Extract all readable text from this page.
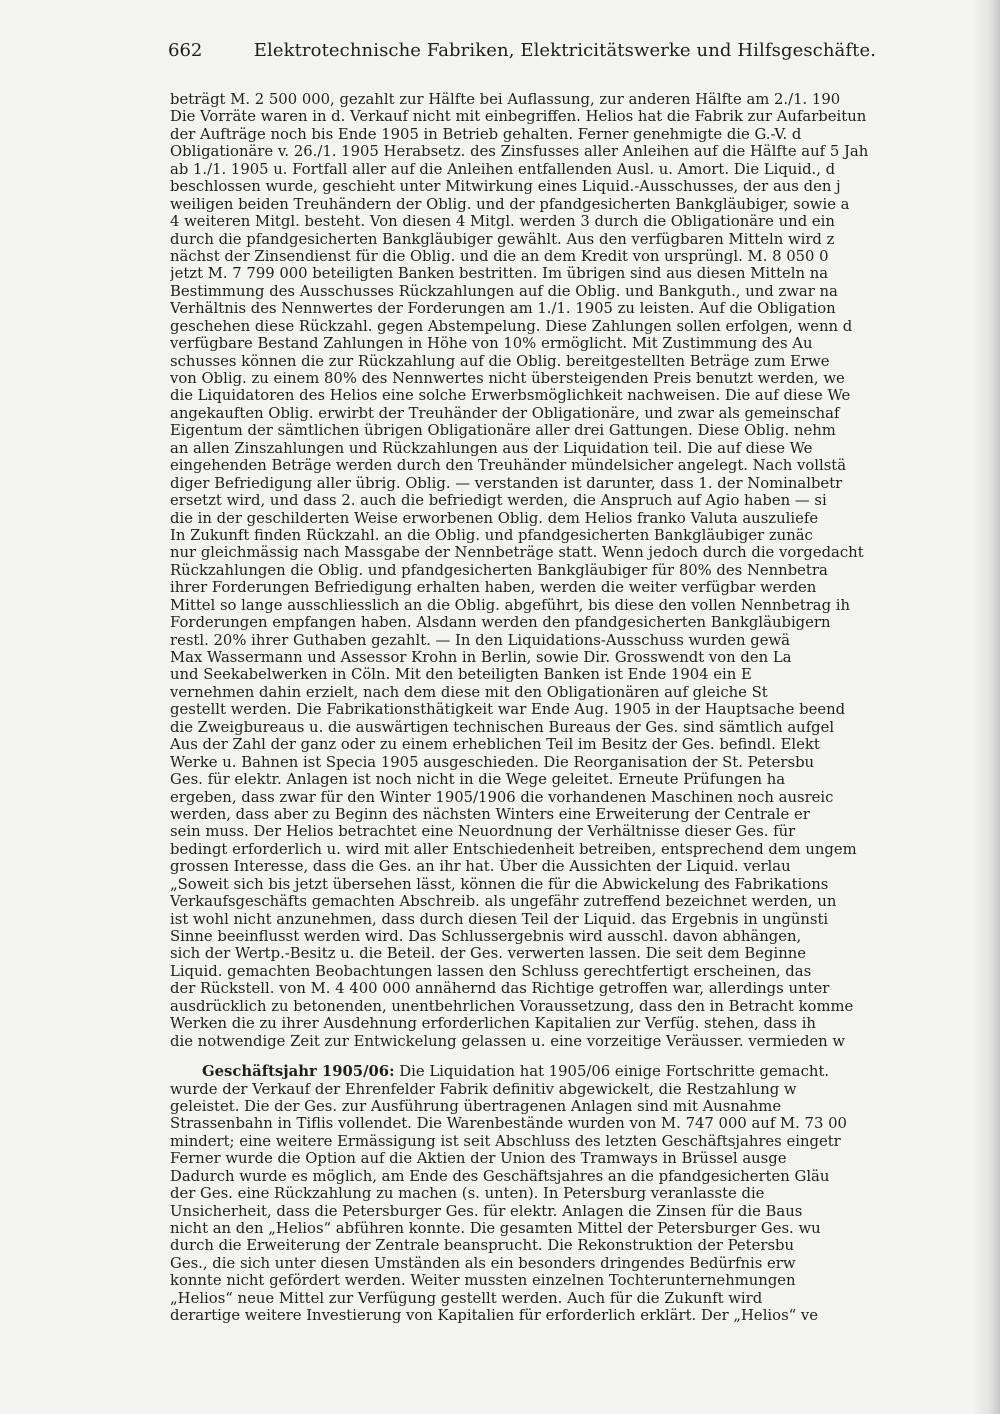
662	Elektrotechnische Fabriken, Elektricitätswerke und Hilfsgeschäfte.
beträgt M. 2 500 000, gezahlt zur Hälfte bei Auflassung, zur anderen Hälfte am 2./1. 190
Die Vorräte waren in d. Verkauf nicht mit einbegriffen. Helios hat die Fabrik zur Aufarbeitun
der Aufträge noch bis Ende 1905 in Betrieb gehalten. Ferner genehmigte die G.-V. d
Obligationäre v. 26./1. 1905 Herabsetz. des Zinsfusses aller Anleihen auf die Hälfte auf 5 Jah
ab 1./1. 1905 u. Fortfall aller auf die Anleihen entfallenden Ausl. u. Amort. Die Liquid., d
beschlossen wurde, geschieht unter Mitwirkung eines Liquid.-Ausschusses, der aus den j
weiligen beiden Treuhändern der Oblig. und der pfandgesicherten Bankgläubiger, sowie a
4 weiteren Mitgl. besteht. Von diesen 4 Mitgl. werden 3 durch die Obligationäre und ein
durch die pfandgesicherten Bankgläubiger gewählt. Aus den verfügbaren Mitteln wird z
nächst der Zinsendienst für die Oblig. und die an dem Kredit von ursprüngl. M. 8 050 0
jetzt M. 7 799 000 beteiligten Banken bestritten. Im übrigen sind aus diesen Mitteln na
Bestimmung des Ausschusses Rückzahlungen auf die Oblig. und Bankguth., und zwar na
Verhältnis des Nennwertes der Forderungen am 1./1. 1905 zu leisten. Auf die Obligation
geschehen diese Rückzahl. gegen Abstempelung. Diese Zahlungen sollen erfolgen, wenn d
verfügbare Bestand Zahlungen in Höhe von 10% ermöglicht. Mit Zustimmung des Au
schusses können die zur Rückzahlung auf die Oblig. bereitgestellten Beträge zum Erwe
von Oblig. zu einem 80% des Nennwertes nicht übersteigenden Preis benutzt werden, we
die Liquidatoren des Helios eine solche Erwerbsmöglichkeit nachweisen. Die auf diese We
angekauften Oblig. erwirbt der Treuhänder der Obligationäre, und zwar als gemeinschaf
Eigentum der sämtlichen übrigen Obligationäre aller drei Gattungen. Diese Oblig. nehm
an allen Zinszahlungen und Rückzahlungen aus der Liquidation teil. Die auf diese We
eingehenden Beträge werden durch den Treuhänder mündelsicher angelegt. Nach vollstä
diger Befriedigung aller übrig. Oblig. — verstanden ist darunter, dass 1. der Nominalbetr
ersetzt wird, und dass 2. auch die befriedigt werden, die Anspruch auf Agio haben — si
die in der geschilderten Weise erworbenen Oblig. dem Helios franko Valuta auszuliefe
In Zukunft finden Rückzahl. an die Oblig. und pfandgesicherten Bankgläubiger zunäc
nur gleichmässig nach Massgabe der Nennbeträge statt. Wenn jedoch durch die vorgedacht
Rückzahlungen die Oblig. und pfandgesicherten Bankgläubiger für 80% des Nennbetra
ihrer Forderungen Befriedigung erhalten haben, werden die weiter verfügbar werden
Mittel so lange ausschliesslich an die Oblig. abgeführt, bis diese den vollen Nennbetrag ih
Forderungen empfangen haben. Alsdann werden den pfandgesicherten Bankgläubigern
restl. 20% ihrer Guthaben gezahlt. — In den Liquidations-Ausschuss wurden gewä
Max Wassermann und Assessor Krohn in Berlin, sowie Dir. Grosswendt von den La
und Seekabelwerken in Cöln. Mit den beteiligten Banken ist Ende 1904 ein E
vernehmen dahin erzielt, nach dem diese mit den Obligationären auf gleiche St
gestellt werden. Die Fabrikationsthätigkeit war Ende Aug. 1905 in der Hauptsache beend
die Zweigbureaus u. die auswärtigen technischen Bureaus der Ges. sind sämtlich aufgel
Aus der Zahl der ganz oder zu einem erheblichen Teil im Besitz der Ges. befindl. Elekt
Werke u. Bahnen ist Specia 1905 ausgeschieden. Die Reorganisation der St. Petersbu
Ges. für elektr. Anlagen ist noch nicht in die Wege geleitet. Erneute Prüfungen ha
ergeben, dass zwar für den Winter 1905/1906 die vorhandenen Maschinen noch ausreic
werden, dass aber zu Beginn des nächsten Winters eine Erweiterung der Centrale er
sein muss. Der Helios betrachtet eine Neuordnung der Verhältnisse dieser Ges. für
bedingt erforderlich u. wird mit aller Entschiedenheit betreiben, entsprechend dem ungem
grossen Interesse, dass die Ges. an ihr hat. Über die Aussichten der Liquid. verlau
„Soweit sich bis jetzt übersehen lässt, können die für die Abwickelung des Fabrikations
Verkaufsgeschäfts gemachten Abschreib. als ungefähr zutreffend bezeichnet werden, un
ist wohl nicht anzunehmen, dass durch diesen Teil der Liquid. das Ergebnis in ungünsti
Sinne beeinflusst werden wird. Das Schlussergebnis wird ausschl. davon abhängen,
sich der Wertp.-Besitz u. die Beteil. der Ges. verwerten lassen. Die seit dem Beginne
Liquid. gemachten Beobachtungen lassen den Schluss gerechtfertigt erscheinen, das
der Rückstell. von M. 4 400 000 annähernd das Richtige getroffen war, allerdings unter
ausdrücklich zu betonenden, unentbehrlichen Voraussetzung, dass den in Betracht komme
Werken die zu ihrer Ausdehnung erforderlichen Kapitalien zur Verfüg. stehen, dass ih
die notwendige Zeit zur Entwickelung gelassen u. eine vorzeitige Veräusser. vermieden w
Geschäftsjahr 1905/06: Die Liquidation hat 1905/06 einige Fortschritte gemacht.
wurde der Verkauf der Ehrenfelder Fabrik definitiv abgewickelt, die Restzahlung w
geleistet. Die der Ges. zur Ausführung übertragenen Anlagen sind mit Ausnahme
Strassenbahn in Tiflis vollendet. Die Warenbestände wurden von M. 747 000 auf M. 73 00
mindert; eine weitere Ermässigung ist seit Abschluss des letzten Geschäftsjahres eingetr
Ferner wurde die Option auf die Aktien der Union des Tramways in Brüssel ausge
Dadurch wurde es möglich, am Ende des Geschäftsjahres an die pfandgesicherten Gläu
der Ges. eine Rückzahlung zu machen (s. unten). In Petersburg veranlasste die
Unsicherheit, dass die Petersburger Ges. für elektr. Anlagen die Zinsen für die Baus
nicht an den „Helios“ abführen konnte. Die gesamten Mittel der Petersburger Ges. wu
durch die Erweiterung der Zentrale beansprucht. Die Rekonstruktion der Petersbu
Ges., die sich unter diesen Umständen als ein besonders dringendes Bedürfnis erw
konnte nicht gefördert werden. Weiter mussten einzelnen Tochterunternehmungen
„Helios“ neue Mittel zur Verfügung gestellt werden. Auch für die Zukunft wird
derartige weitere Investierung von Kapitalien für erforderlich erklärt. Der „Helios“ ve
